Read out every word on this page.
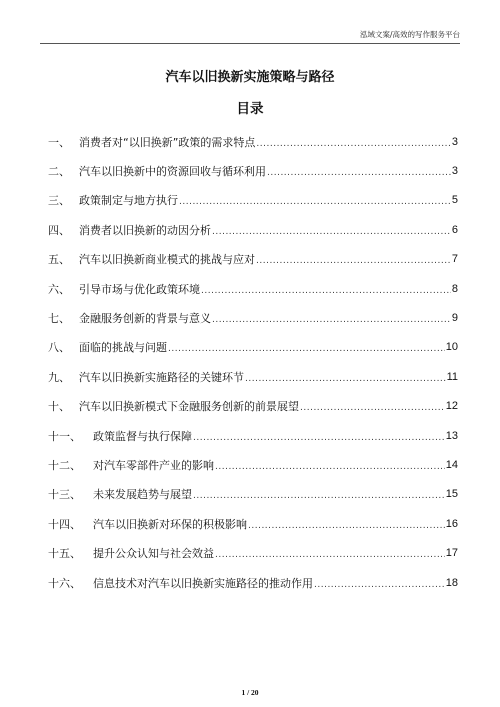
泓域文案/高效的写作服务平台
汽车以旧换新实施策略与路径
目录
一、 消费者对“以旧换新”政策的需求特点 .....	3
二、 汽车以旧换新中的资源回收与循环利用 .....	3
三、 政策制定与地方执行 .....	5
四、 消费者以旧换新的动因分析 .....	6
五、 汽车以旧换新商业模式的挑战与应对 .....	7
六、 引导市场与优化政策环境 .....	8
七、 金融服务创新的背景与意义 .....	9
八、 面临的挑战与问题 .....	10
九、 汽车以旧换新实施路径的关键环节 .....	11
十、 汽车以旧换新模式下金融服务创新的前景展望 .....	12
十一、	政策监督与执行保障 .....	13
十二、	对汽车零部件产业的影响 .....	14
十三、	未来发展趋势与展望 .....	15
十四、	汽车以旧换新对环保的积极影响 .....	16
十五、	提升公众认知与社会效益 .....	17
十六、	信息技术对汽车以旧换新实施路径的推动作用 .....	18
1 / 20
